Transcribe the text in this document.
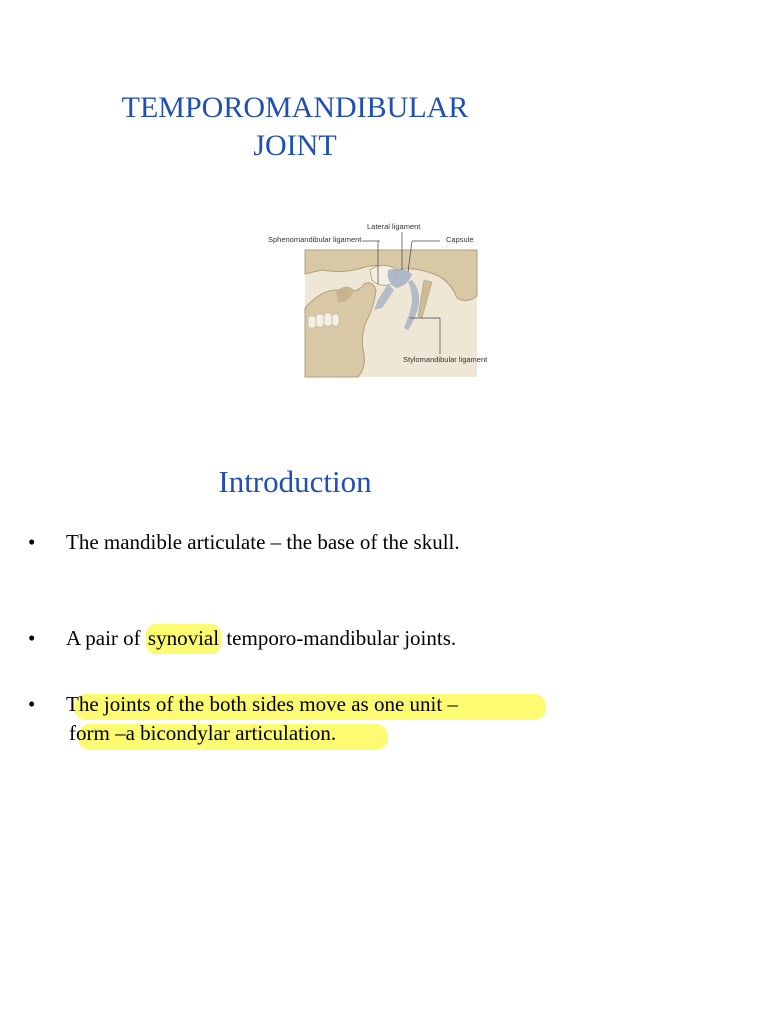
TEMPOROMANDIBULAR
JOINT
Lateral ligament
Sphenomandibular ligament	Capsule
Stylomandibular ligament
Introduction
• The mandible articulate – the base of the skull.
• A pair of synovial temporo-mandibular joints.
• The joints of the both sides move as one unit –
form –a bicondylar articulation.
